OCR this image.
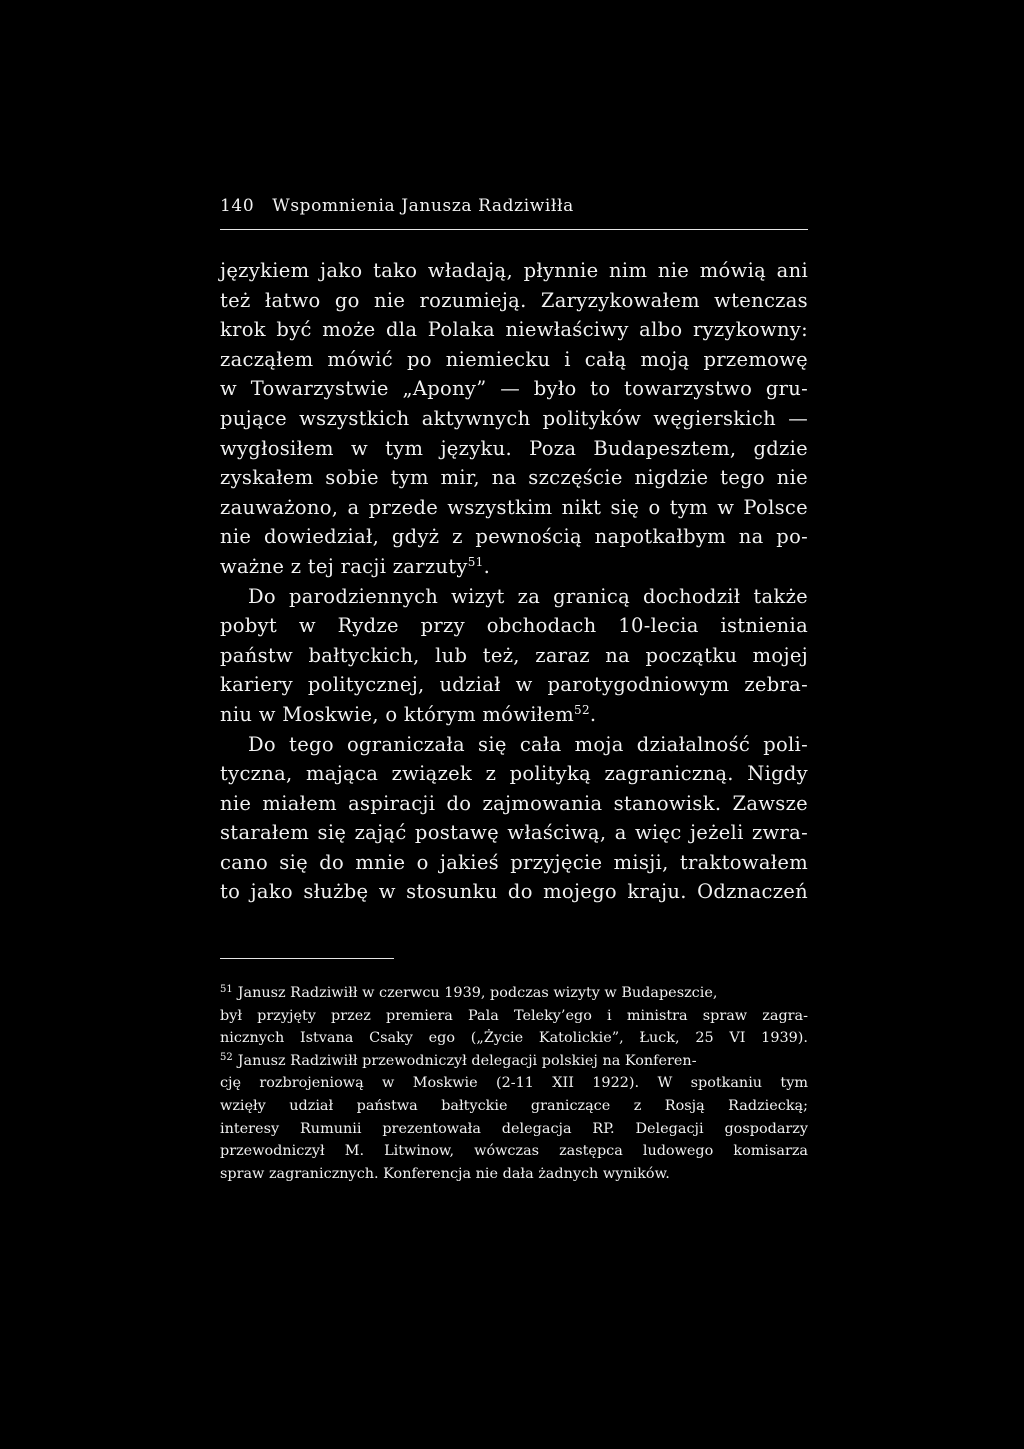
140 Wspomnienia Janusza Radziwiłła
językiem jako tako władają, płynnie nim nie mówią ani
też łatwo go nie rozumieją. Zaryzykowałem wtenczas
krok być może dla Polaka niewłaściwy albo ryzykowny:
zacząłem mówić po niemiecku i całą moją przemowę
w Towarzystwie „Apony” — było to towarzystwo gru-
pujące wszystkich aktywnych polityków węgierskich —
wygłosiłem w tym języku. Poza Budapesztem, gdzie
zyskałem sobie tym mir, na szczęście nigdzie tego nie
zauważono, a przede wszystkim nikt się o tym w Polsce
nie dowiedział, gdyż z pewnością napotkałbym na po-
ważne z tej racji zarzuty$^{51}$.
Do parodziennych wizyt za granicą dochodził także
pobyt w Rydze przy obchodach 10-lecia istnienia
państw bałtyckich, lub też, zaraz na początku mojej
kariery politycznej, udział w parotygodniowym zebra-
niu w Moskwie, o którym mówiłem$^{52}$.
Do tego ograniczała się cała moja działalność poli-
tyczna, mająca związek z polityką zagraniczną. Nigdy
nie miałem aspiracji do zajmowania stanowisk. Zawsze
starałem się zająć postawę właściwą, a więc jeżeli zwra-
cano się do mnie o jakieś przyjęcie misji, traktowałem
to jako służbę w stosunku do mojego kraju. Odznaczeń
$^{51}$ Janusz Radziwiłł w czerwcu 1939, podczas wizyty w Budapeszcie,
był przyjęty przez premiera Pala Teleky’ego i ministra spraw zagra-
nicznych Istvana Csaky ego („Życie Katolickie”, Łuck, 25 VI 1939).
$^{52}$ Janusz Radziwiłł przewodniczył delegacji polskiej na Konferen-
cję rozbrojeniową w Moskwie (2-11 XII 1922). W spotkaniu tym
wzięły udział państwa bałtyckie graniczące z Rosją Radziecką;
interesy Rumunii prezentowała delegacja RP. Delegacji gospodarzy
przewodniczył M. Litwinow, wówczas zastępca ludowego komisarza
spraw zagranicznych. Konferencja nie dała żadnych wyników.
